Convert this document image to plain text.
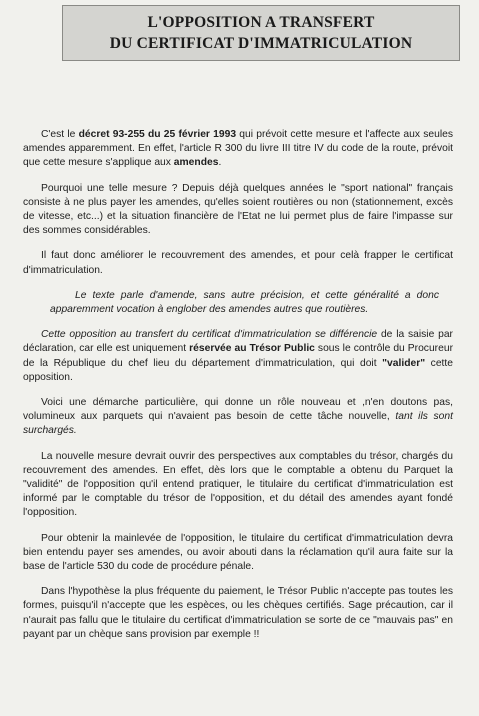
L'OPPOSITION A TRANSFERT
DU CERTIFICAT D'IMMATRICULATION

C'est le décret 93-255 du 25 février 1993 qui prévoit cette mesure et l'affecte aux seules amendes apparemment. En effet, l'article R 300 du livre III titre IV du code de la route, prévoit que cette mesure s'applique aux amendes.

Pourquoi une telle mesure ? Depuis déjà quelques années le "sport national" français consiste à ne plus payer les amendes, qu'elles soient routières ou non (stationnement, excès de vitesse, etc...) et la situation financière de l'Etat ne lui permet plus de faire l'impasse sur des sommes considérables.

Il faut donc améliorer le recouvrement des amendes, et pour celà frapper le certificat d'immatriculation.

Le texte parle d'amende, sans autre précision, et cette généralité a donc apparemment vocation à englober des amendes autres que routières.

Cette opposition au transfert du certificat d'immatriculation se différencie de la saisie par déclaration, car elle est uniquement réservée au Trésor Public sous le contrôle du Procureur de la République du chef lieu du département d'immatriculation, qui doit "valider" cette opposition.

Voici une démarche particulière, qui donne un rôle nouveau et ,n'en doutons pas, volumineux aux parquets qui n'avaient pas besoin de cette tâche nouvelle, tant ils sont surchargés.

La nouvelle mesure devrait ouvrir des perspectives aux comptables du trésor, chargés du recouvrement des amendes. En effet, dès lors que le comptable a obtenu du Parquet la "validité" de l'opposition qu'il entend pratiquer, le titulaire du certificat d'immatriculation est informé par le comptable du trésor de l'opposition, et du détail des amendes ayant fondé l'opposition.

Pour obtenir la mainlevée de l'opposition, le titulaire du certificat d'immatriculation devra bien entendu payer ses amendes, ou avoir abouti dans la réclamation qu'il aura faite sur la base de l'article 530 du code de procédure pénale.

Dans l'hypothèse la plus fréquente du paiement, le Trésor Public n'accepte pas toutes les formes, puisqu'il n'accepte que les espèces, ou les chèques certifiés. Sage précaution, car il n'aurait pas fallu que le titulaire du certificat d'immatriculation se sorte de ce "mauvais pas" en payant par un chèque sans provision par exemple !!
